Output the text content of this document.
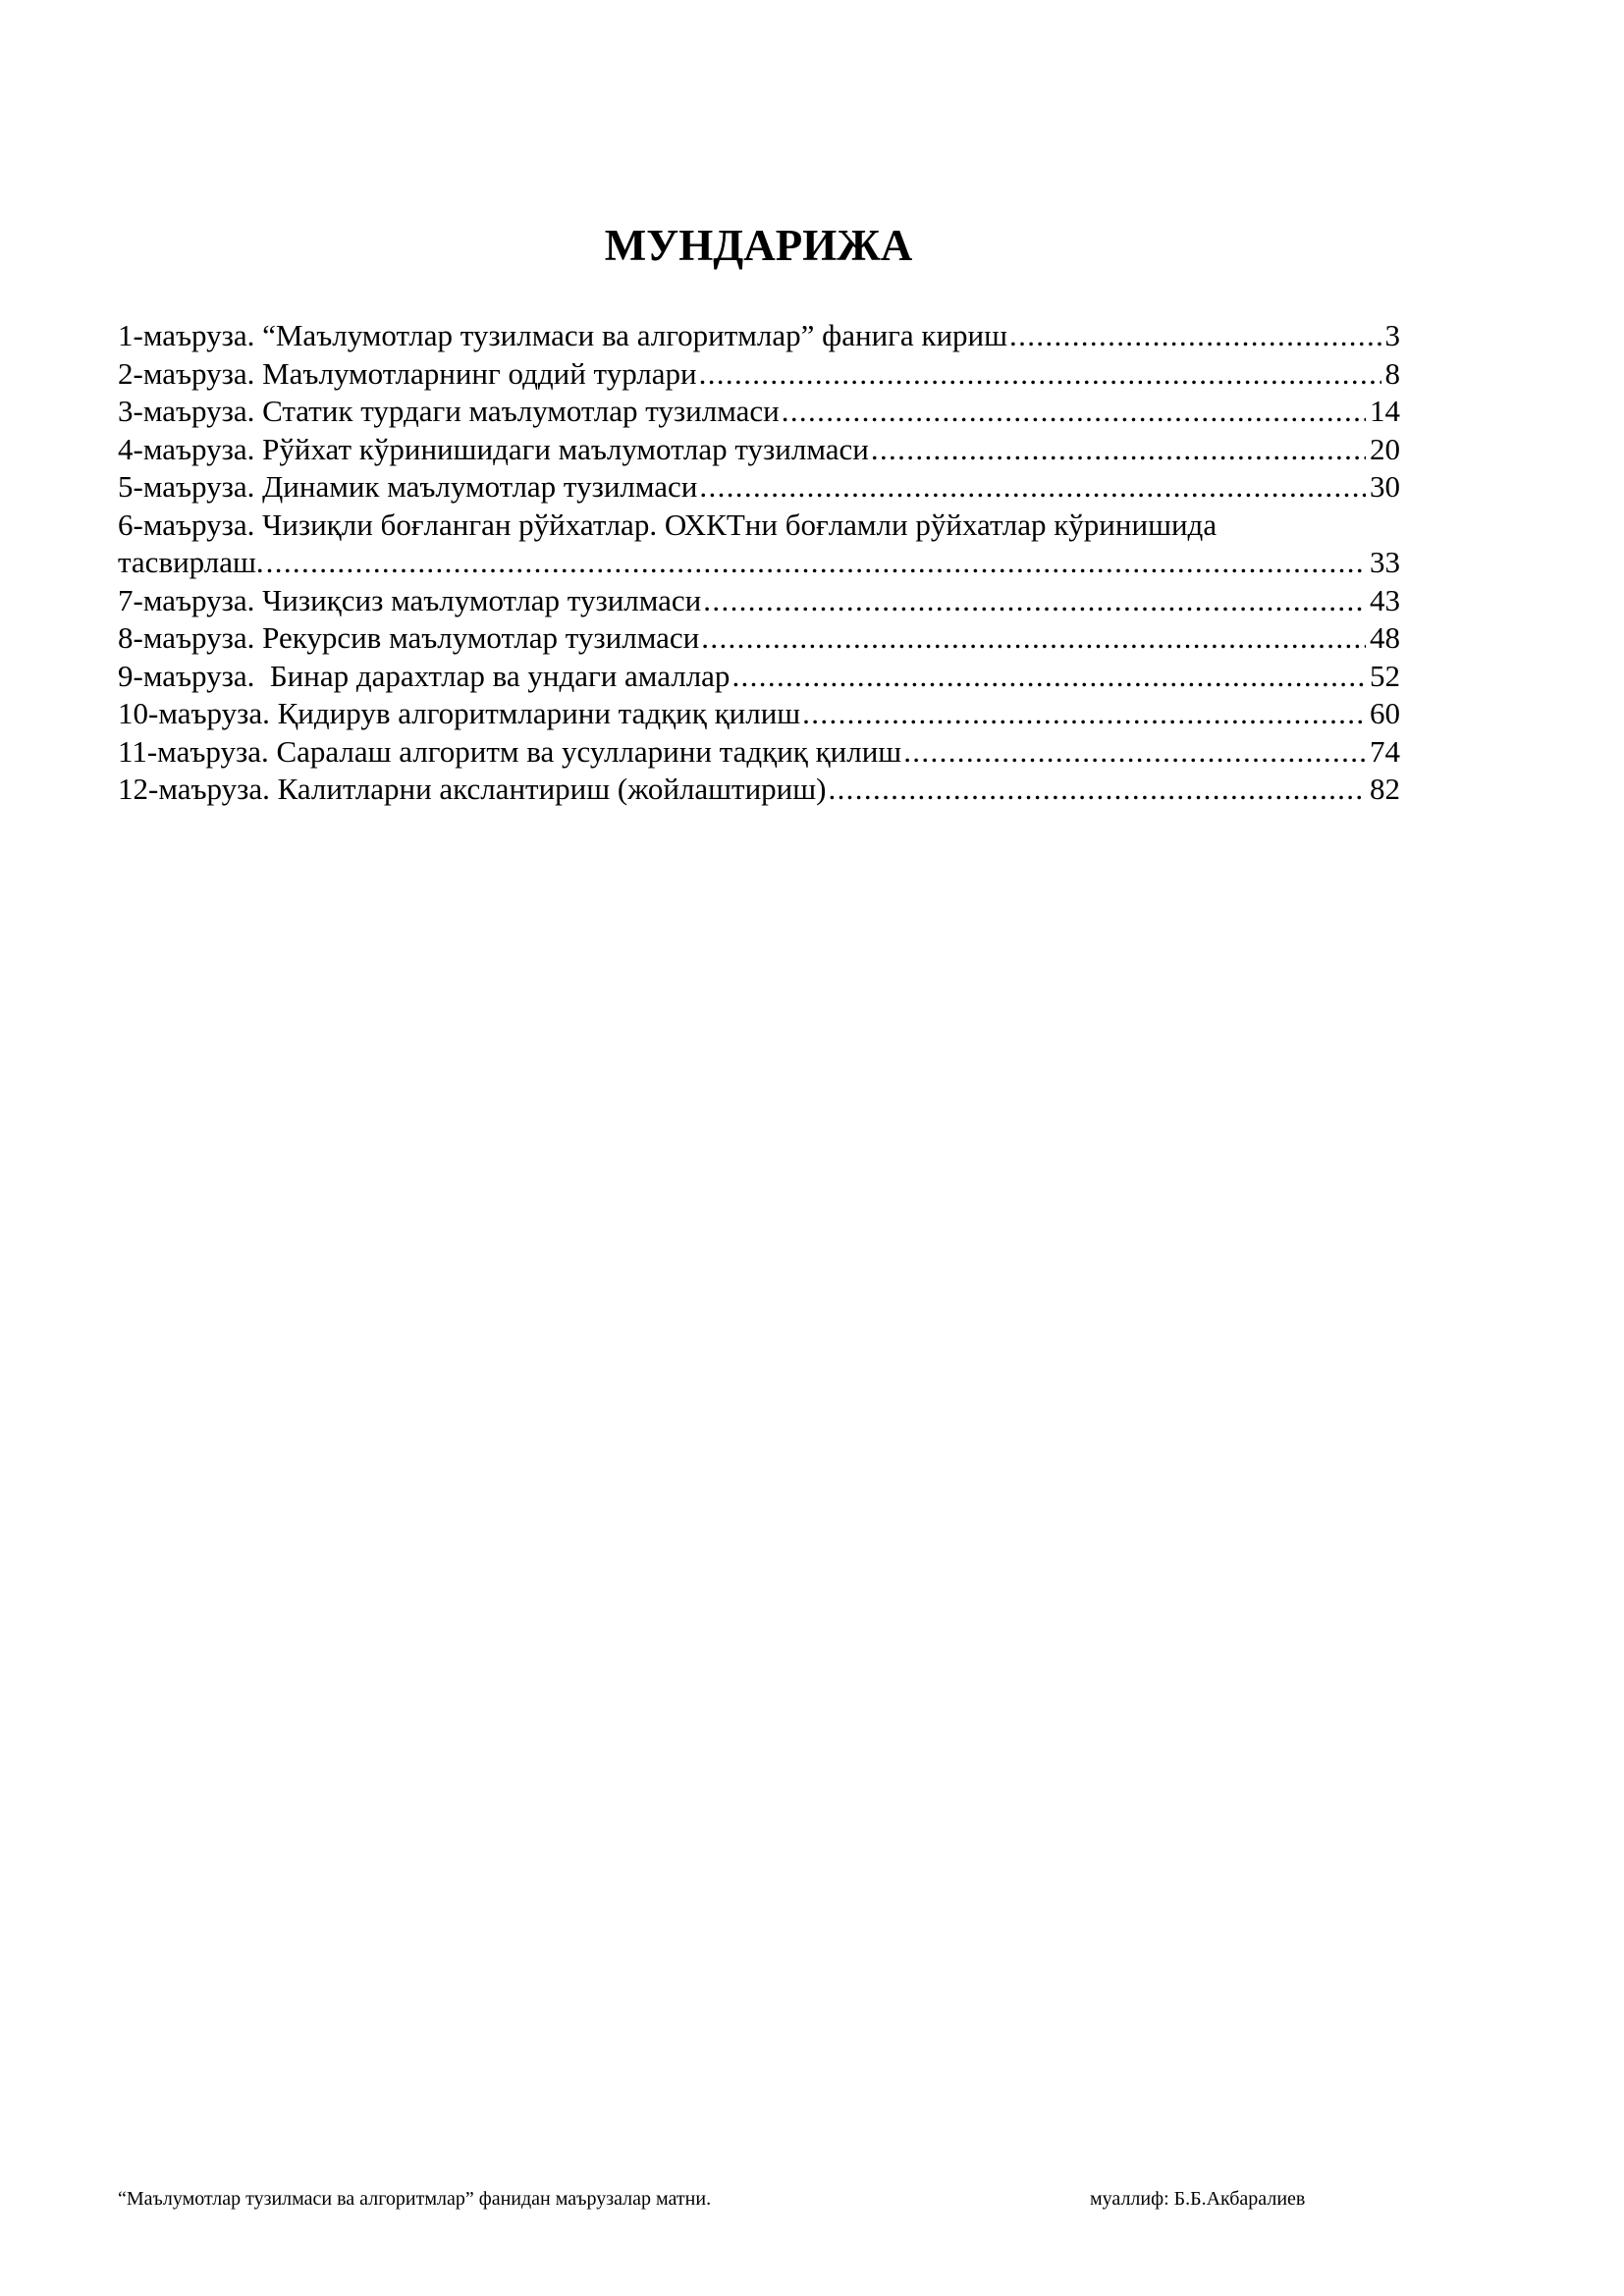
МУНДАРИЖА
1-маъруза. “Маълумотлар тузилмаси ва алгоритмлар” фанига кириш . . .	3
2-маъруза. Маълумотларнинг оддий турлари . . .	8
3-маъруза. Статик турдаги маълумотлар тузилмаси . . .	14
4-маъруза. Рўйхат кўринишидаги маълумотлар тузилмаси . . .	20
5-маъруза. Динамик маълумотлар тузилмаси . . .	30
6-маъруза. Чизиқли боғланган рўйхатлар. ОХКТни боғламли рўйхатлар кўринишида
тасвирлаш. . . .	33
7-маъруза. Чизиқсиз маълумотлар тузилмаси . . .	43
8-маъруза. Рекурсив маълумотлар тузилмаси . . .	48
9-маъруза.  Бинар дарахтлар ва ундаги амаллар . . .	52
10-маъруза. Қидирув алгоритмларини тадқиқ қилиш . . .	60
11-маъруза. Саралаш алгоритм ва усулларини тадқиқ қилиш . . .	74
12-маъруза. Калитларни акслантириш (жойлаштириш) . . .	82
“Маълумотлар тузилмаси ва алгоритмлар” фанидан маърузалар матни.	муаллиф: Б.Б.Акбаралиев
